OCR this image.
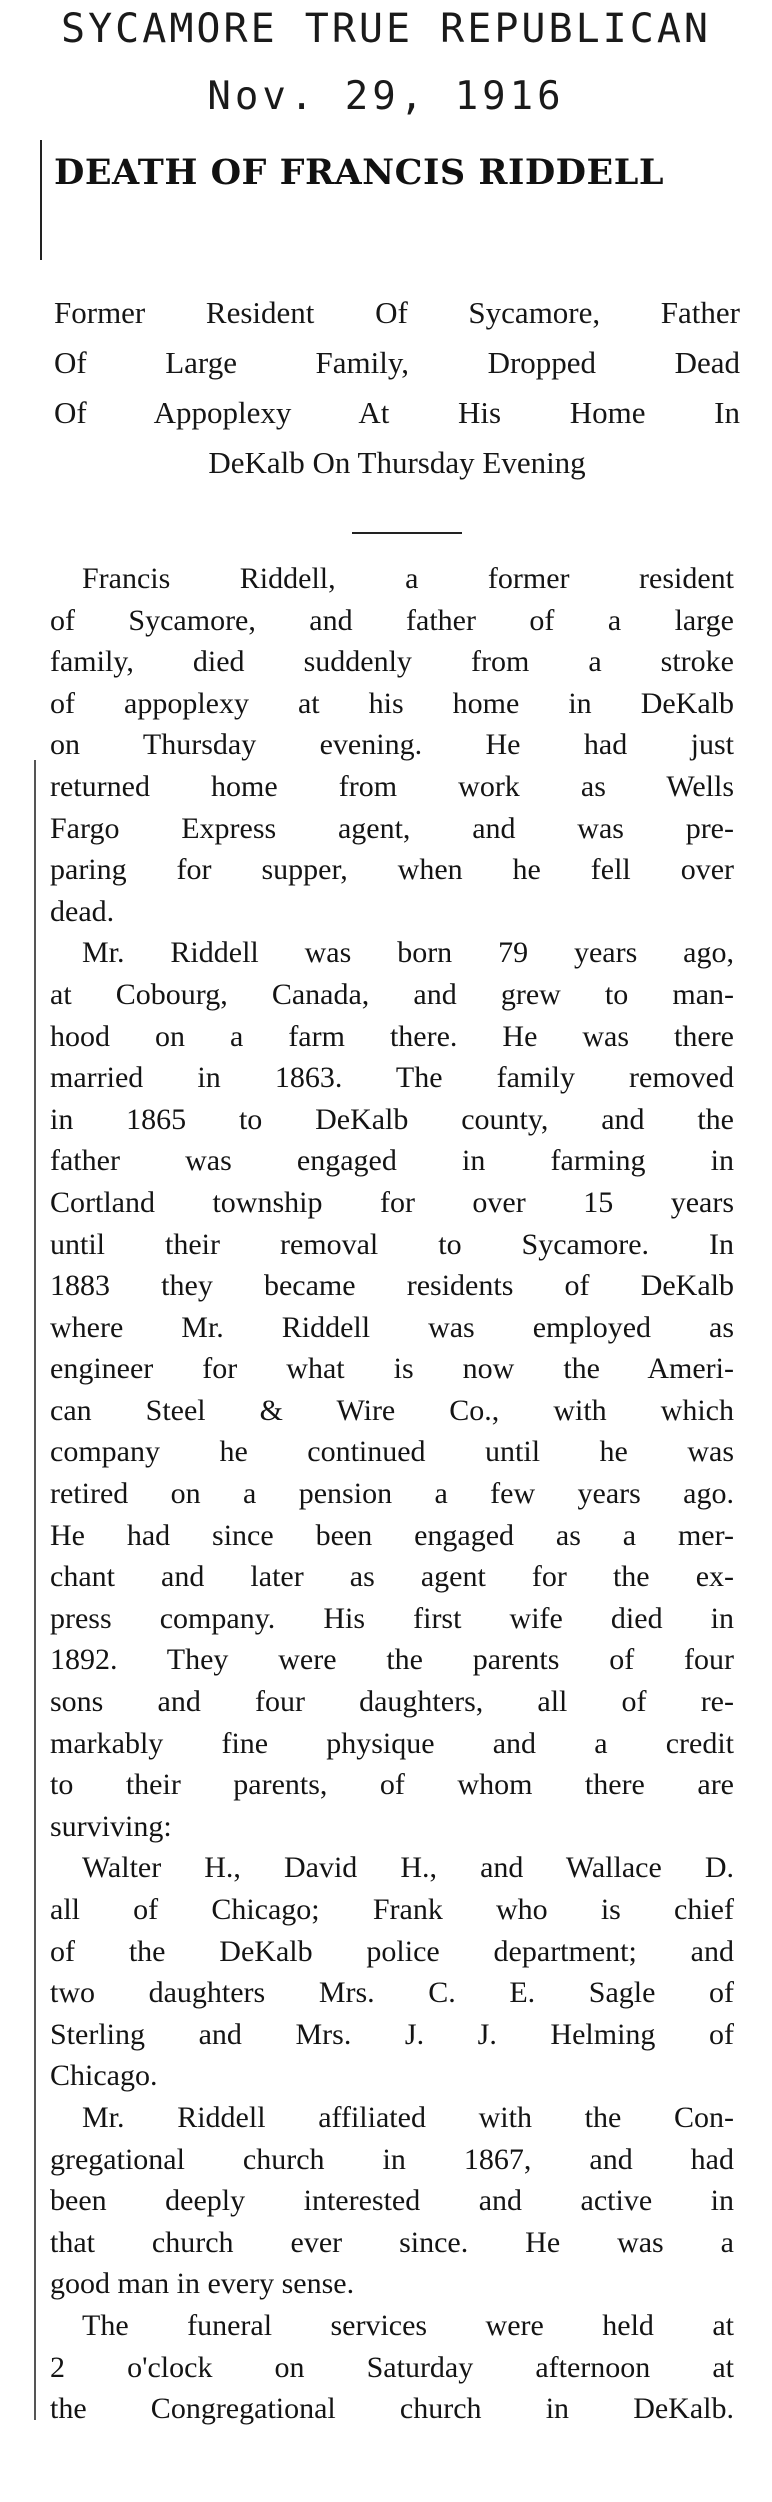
SYCAMORE TRUE REPUBLICAN
Nov. 29, 1916
DEATH OF FRANCIS RIDDELL
Former Resident Of Sycamore, Father
Of Large Family, Dropped Dead
Of Appoplexy At His Home In
DeKalb On Thursday Evening
Francis Riddell, a former resident
of Sycamore, and father of a large
family, died suddenly from a stroke
of appoplexy at his home in DeKalb
on Thursday evening. He had just
returned home from work as Wells
Fargo Express agent, and was pre-
paring for supper, when he fell over
dead.
Mr. Riddell was born 79 years ago,
at Cobourg, Canada, and grew to man-
hood on a farm there. He was there
married in 1863. The family removed
in 1865 to DeKalb county, and the
father was engaged in farming in
Cortland township for over 15 years
until their removal to Sycamore. In
1883 they became residents of DeKalb
where Mr. Riddell was employed as
engineer for what is now the Ameri-
can Steel & Wire Co., with which
company he continued until he was
retired on a pension a few years ago.
He had since been engaged as a mer-
chant and later as agent for the ex-
press company. His first wife died in
1892. They were the parents of four
sons and four daughters, all of re-
markably fine physique and a credit
to their parents, of whom there are
surviving:
Walter H., David H., and Wallace D.
all of Chicago; Frank who is chief
of the DeKalb police department; and
two daughters Mrs. C. E. Sagle of
Sterling and Mrs. J. J. Helming of
Chicago.
Mr. Riddell affiliated with the Con-
gregational church in 1867, and had
been deeply interested and active in
that church ever since. He was a
good man in every sense.
The funeral services were held at
2 o'clock on Saturday afternoon at
the Congregational church in DeKalb.
